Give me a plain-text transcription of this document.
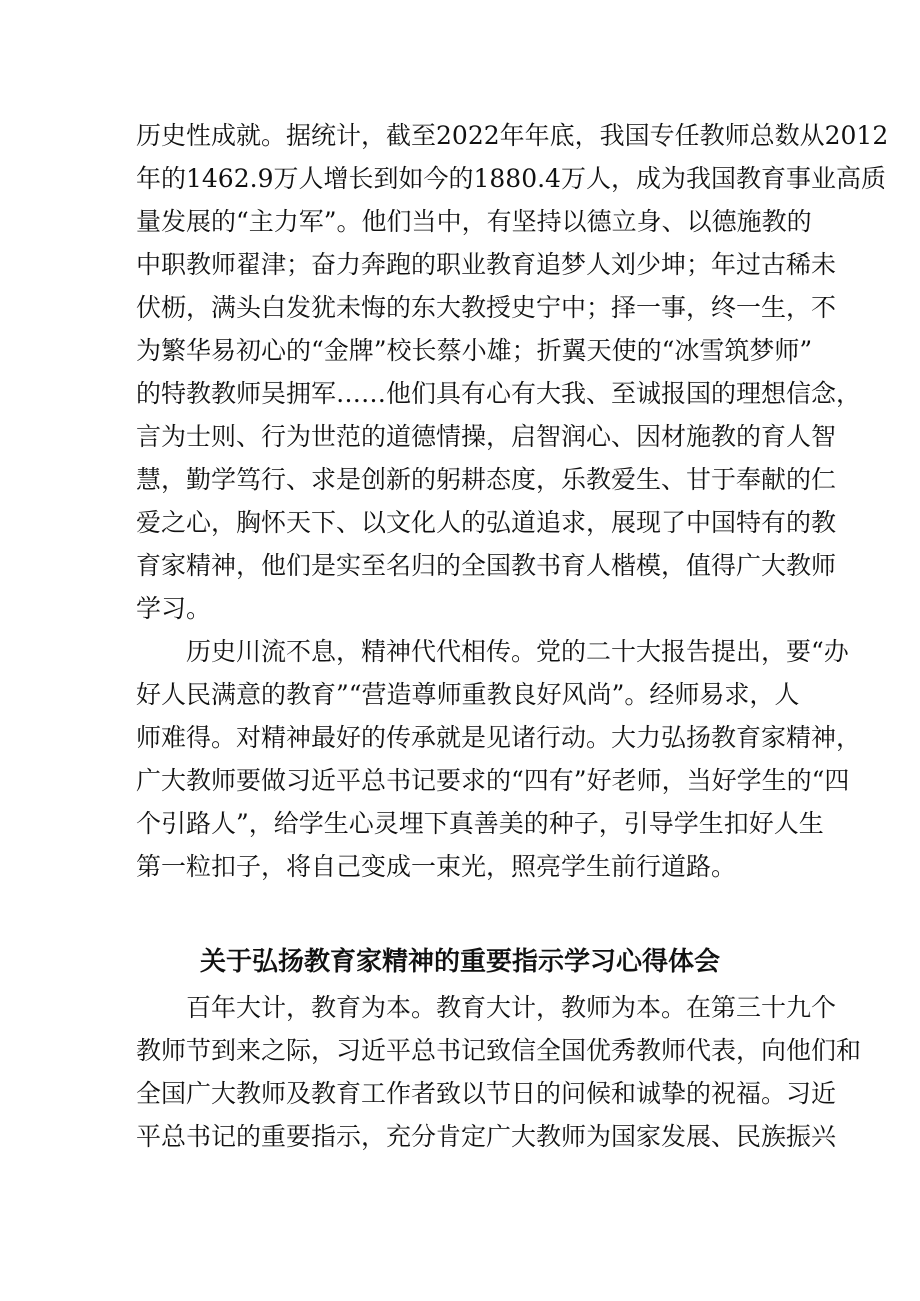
历史性成就。据统计，截至2022年年底，我国专任教师总数从2012

年的1462.9万人增长到如今的1880.4万人，成为我国教育事业高质

量发展的“主力军”。他们当中，有坚持以德立身、以德施教的

中职教师翟津；奋力奔跑的职业教育追梦人刘少坤；年过古稀未

伏枥，满头白发犹未悔的东大教授史宁中；择一事，终一生，不

为繁华易初心的“金牌”校长蔡小雄；折翼天使的“冰雪筑梦师”

的特教教师吴拥军……他们具有心有大我、至诚报国的理想信念，

言为士则、行为世范的道德情操，启智润心、因材施教的育人智

慧，勤学笃行、求是创新的躬耕态度，乐教爱生、甘于奉献的仁

爱之心，胸怀天下、以文化人的弘道追求，展现了中国特有的教

育家精神，他们是实至名归的全国教书育人楷模，值得广大教师

学习。

历史川流不息，精神代代相传。党的二十大报告提出，要“办

好人民满意的教育”“营造尊师重教良好风尚”。经师易求，人

师难得。对精神最好的传承就是见诸行动。大力弘扬教育家精神，

广大教师要做习近平总书记要求的“四有”好老师，当好学生的“四

个引路人”，给学生心灵埋下真善美的种子，引导学生扣好人生

第一粒扣子，将自己变成一束光，照亮学生前行道路。

关于弘扬教育家精神的重要指示学习心得体会

百年大计，教育为本。教育大计，教师为本。在第三十九个

教师节到来之际，习近平总书记致信全国优秀教师代表，向他们和

全国广大教师及教育工作者致以节日的问候和诚挚的祝福。习近

平总书记的重要指示，充分肯定广大教师为国家发展、民族振兴
